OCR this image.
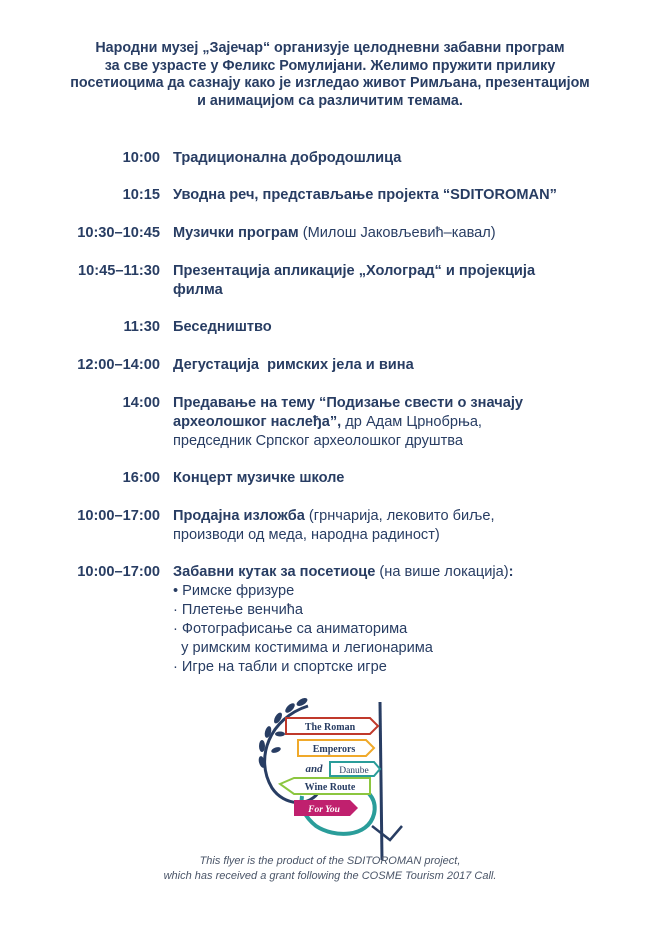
Народни музеј „Зајечар“ организује целодневни забавни програм
за све узрасте у Феликс Ромулијани. Желимо пружити прилику
посетиоцима да сазнају како је изгледао живот Римљана, презентацијом
и анимацијом са различитим темама.
10:00 Традиционална добродошлица
10:15 Уводна реч, представљање пројекта “SDITOROMAN”
10:30–10:45 Музички програм (Милош Јаковљевић–кавал)
10:45–11:30 Презентација апликације „Холоград“ и пројекција
филма
11:30 Беседништво
12:00–14:00 Дегустација  римских јела и вина
14:00 Предавање на тему “Подизање свести о значају
археолошког наслеђа”, др Адам Црнобрња,
председник Српског археолошког друштва
16:00 Концерт музичке школе
10:00–17:00 Продајна изложба (грнчарија, лековито биље,
производи од меда, народна радиност)
10:00–17:00 Забавни кутак за посетиоце (на више локација):
• Римске фризуре
· Плетење венчића
· Фотографисање са аниматорима
у римским костимима и легионарима
· Игре на табли и спортске игре
The Roman
Emperors
and Danube
Wine Route
For You
This flyer is the product of the SDITOROMAN project,
which has received a grant following the COSME Tourism 2017 Call.
